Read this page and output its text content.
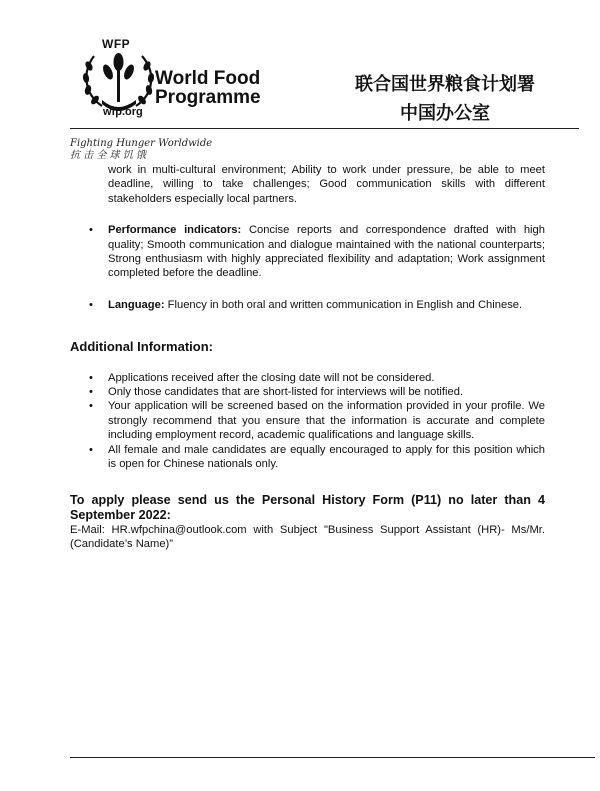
WFP
World Food
Programme
wfp.org
联合国世界粮食计划署
中国办公室
Fighting Hunger Worldwide
抗 击 全 球 饥 饿
work in multi-cultural environment; Ability to work under pressure, be able to meet deadline, willing to take challenges; Good communication skills with different stakeholders especially local partners.
• Performance indicators: Concise reports and correspondence drafted with high quality; Smooth communication and dialogue maintained with the national counterparts; Strong enthusiasm with highly appreciated flexibility and adaptation; Work assignment completed before the deadline.
• Language: Fluency in both oral and written communication in English and Chinese.
Additional Information:
• Applications received after the closing date will not be considered.
• Only those candidates that are short-listed for interviews will be notified.
• Your application will be screened based on the information provided in your profile. We strongly recommend that you ensure that the information is accurate and complete including employment record, academic qualifications and language skills.
• All female and male candidates are equally encouraged to apply for this position which is open for Chinese nationals only.
To apply please send us the Personal History Form (P11) no later than 4 September 2022:
E-Mail: HR.wfpchina@outlook.com with Subject "Business Support Assistant (HR)- Ms/Mr. (Candidate’s Name)”
